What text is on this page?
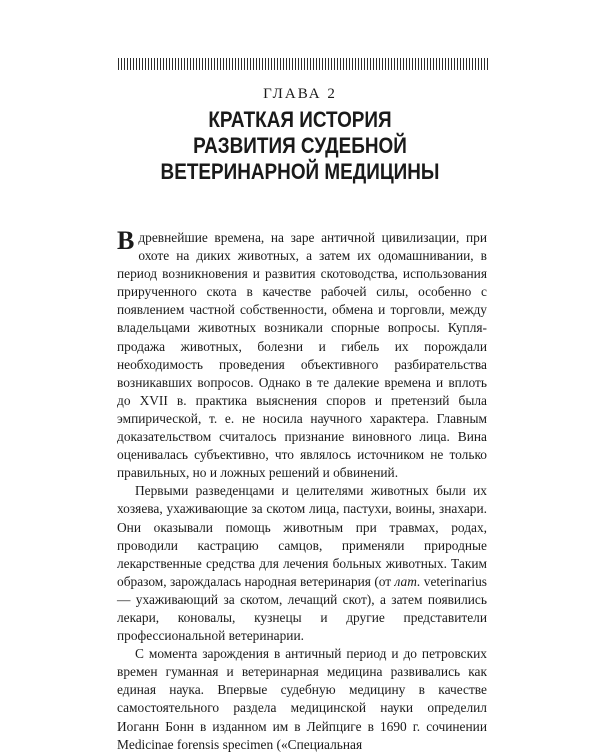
ГЛАВА 2
КРАТКАЯ ИСТОРИЯ
РАЗВИТИЯ СУДЕБНОЙ
ВЕТЕРИНАРНОЙ МЕДИЦИНЫ

В древнейшие времена, на заре античной цивилизации, при охоте на диких животных, а затем их одомашнивании, в период возникновения и развития скотоводства, использования прирученного скота в качестве рабочей силы, особенно с появлением частной собственности, обмена и торговли, между владельцами животных возникали спорные вопросы. Купля-продажа животных, болезни и гибель их порождали необходимость проведения объективного разбирательства возникавших вопросов. Однако в те далекие времена и вплоть до XVII в. практика выяснения споров и претензий была эмпирической, т. е. не носила научного характера. Главным доказательством считалось признание виновного лица. Вина оценивалась субъективно, что являлось источником не только правильных, но и ложных решений и обвинений.

Первыми разведенцами и целителями животных были их хозяева, ухаживающие за скотом лица, пастухи, воины, знахари. Они оказывали помощь животным при травмах, родах, проводили кастрацию самцов, применяли природные лекарственные средства для лечения больных животных. Таким образом, зарождалась народная ветеринария (от лат. veterinarius — ухаживающий за скотом, лечащий скот), а затем появились лекари, коновалы, кузнецы и другие представители профессиональной ветеринарии.

С момента зарождения в античный период и до петровских времен гуманная и ветеринарная медицина развивались как единая наука. Впервые судебную медицину в качестве самостоятельного раздела медицинской науки определил Иоганн Бонн в изданном им в Лейпциге в 1690 г. сочинении Medicinae forensis specimen («Специальная
